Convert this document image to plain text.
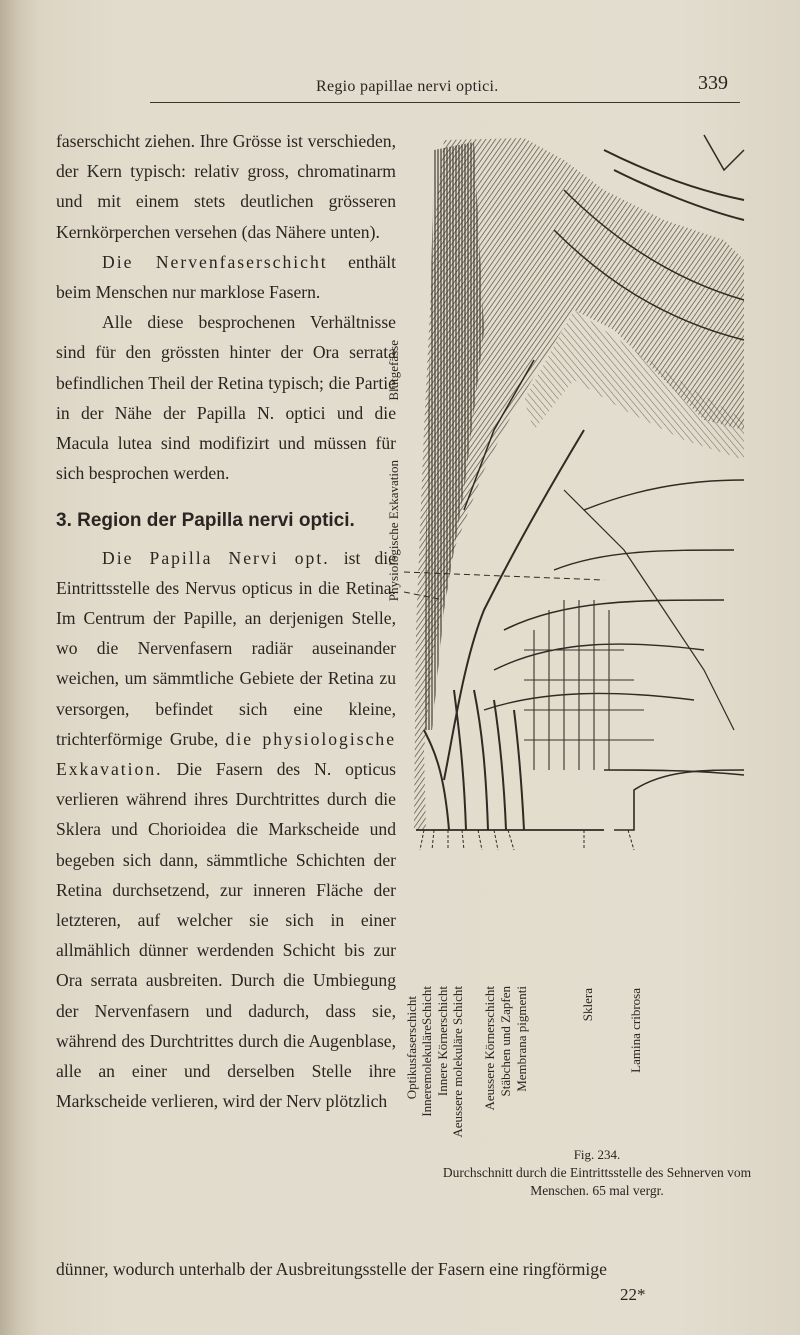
Regio papillae nervi optici.	339

faserschicht ziehen. Ihre Grösse ist verschieden, der Kern typisch: relativ gross, chromatinarm und mit einem stets deutlichen grösseren Kernkörperchen versehen (das Nähere unten).

Die Nervenfaserschicht enthält beim Menschen nur marklose Fasern.

Alle diese besprochenen Verhältnisse sind für den grössten hinter der Ora serrata befindlichen Theil der Retina typisch; die Partie in der Nähe der Papilla N. optici und die Macula lutea sind modifizirt und müssen für sich besprochen werden.

3. Region der Papilla nervi optici.

Die Papilla Nervi opt. ist die Eintrittsstelle des Nervus opticus in die Retina. Im Centrum der Papille, an derjenigen Stelle, wo die Nervenfasern radiär auseinander weichen, um sämmtliche Gebiete der Retina zu versorgen, befindet sich eine kleine, trichterförmige Grube, die physiologische Exkavation. Die Fasern des N. opticus verlieren während ihres Durchtrittes durch die Sklera und Chorioidea die Markscheide und begeben sich dann, sämmtliche Schichten der Retina durchsetzend, zur inneren Fläche der letzteren, auf welcher sie sich in einer allmählich dünner werdenden Schicht bis zur Ora serrata ausbreiten. Durch die Umbiegung der Nervenfasern und dadurch, dass sie, während des Durchtrittes durch die Augenblase, alle an einer und derselben Stelle ihre Markscheide verlieren, wird der Nerv plötzlich

dünner, wodurch unterhalb der Ausbreitungsstelle der Fasern eine ringförmige
22*
Blutgefässe
Physiologische Exkavation
Optikusfaserschicht InneremolekuläreSchicht Innere Körnerschicht Aeussere molekuläre Schicht	Aeussere Körnerschicht Stäbchen und Zapfen Membrana pigmenti	Sklera	Lamina cribrosa
Fig. 234.
Durchschnitt durch die Eintrittsstelle des Sehnerven vom Menschen. 65 mal vergr.
